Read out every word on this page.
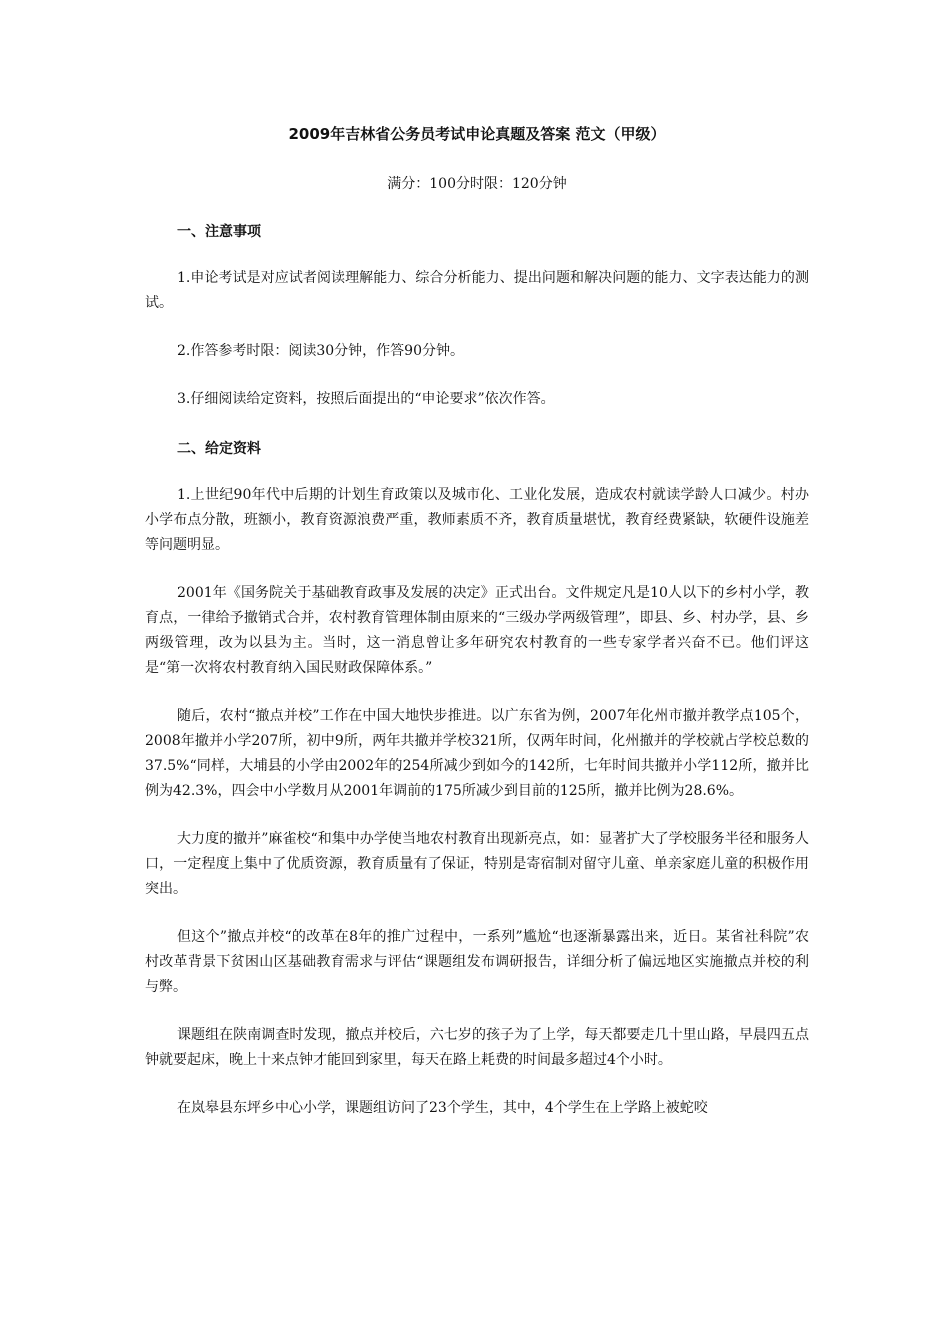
2009年吉林省公务员考试申论真题及答案 范文（甲级）
满分：100分时限：120分钟
一、注意事项

1.申论考试是对应试者阅读理解能力、综合分析能力、提出问题和解决问题的能力、文字表达能力的测试。

2.作答参考时限：阅读30分钟，作答90分钟。

3.仔细阅读给定资料，按照后面提出的“申论要求”依次作答。

二、给定资料

1.上世纪90年代中后期的计划生育政策以及城市化、工业化发展，造成农村就读学龄人口减少。村办小学布点分散，班额小，教育资源浪费严重，教师素质不齐，教育质量堪忧，教育经费紧缺，软硬件设施差等问题明显。

2001年《国务院关于基础教育政事及发展的决定》正式出台。文件规定凡是10人以下的乡村小学，教育点，一律给予撤销式合并，农村教育管理体制由原来的“三级办学两级管理”，即县、乡、村办学，县、乡两级管理，改为以县为主。当时，这一消息曾让多年研究农村教育的一些专家学者兴奋不已。他们评这是“第一次将农村教育纳入国民财政保障体系。”

随后，农村“撤点并校”工作在中国大地快步推进。以广东省为例，2007年化州市撤并教学点105个，2008年撤并小学207所，初中9所，两年共撤并学校321所，仅两年时间，化州撤并的学校就占学校总数的37.5%“同样，大埔县的小学由2002年的254所减少到如今的142所，七年时间共撤并小学112所，撤并比例为42.3%，四会中小学数月从2001年调前的175所减少到目前的125所，撤并比例为28.6%。

大力度的撤并”麻雀校“和集中办学使当地农村教育出现新亮点，如：显著扩大了学校服务半径和服务人口，一定程度上集中了优质资源，教育质量有了保证，特别是寄宿制对留守儿童、单亲家庭儿童的积极作用突出。

但这个”撤点并校“的改革在8年的推广过程中，一系列”尴尬“也逐渐暴露出来，近日。某省社科院”农村改革背景下贫困山区基础教育需求与评估“课题组发布调研报告，详细分析了偏远地区实施撤点并校的利与弊。

课题组在陕南调查时发现，撤点并校后，六七岁的孩子为了上学，每天都要走几十里山路，早晨四五点钟就要起床，晚上十来点钟才能回到家里，每天在路上耗费的时间最多超过4个小时。

在岚皋县东坪乡中心小学，课题组访问了23个学生，其中，4个学生在上学路上被蛇咬
